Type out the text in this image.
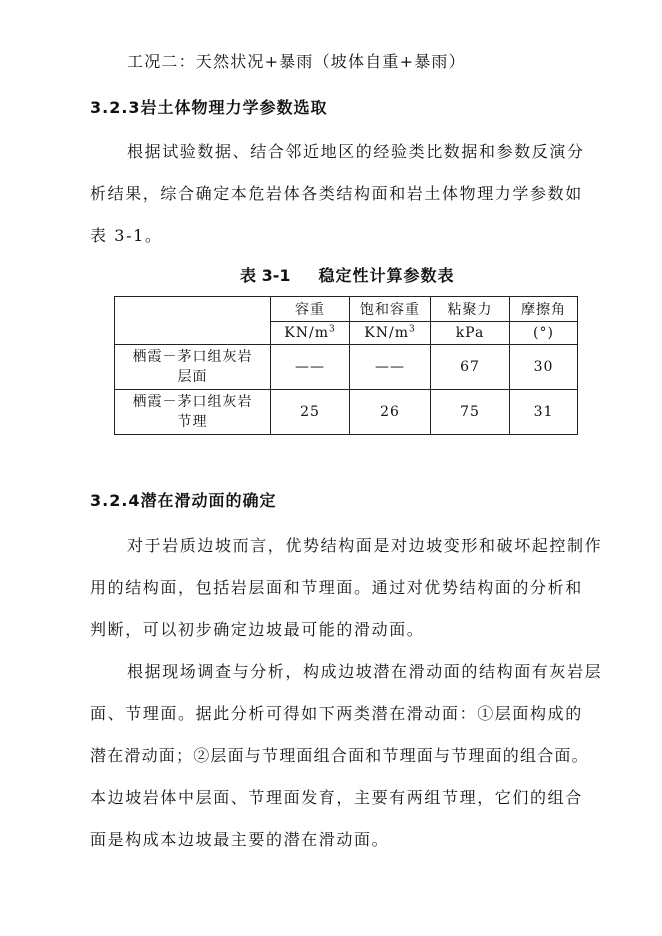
工况二：天然状况+暴雨（坡体自重+暴雨）
3.2.3岩土体物理力学参数选取
根据试验数据、结合邻近地区的经验类比数据和参数反演分
析结果，综合确定本危岩体各类结构面和岩土体物理力学参数如
表 3-1。
表 3-1 稳定性计算参数表
	容重	饱和容重	粘聚力	摩擦角
	$KN/m^3$	$KN/m^3$	kPa	(°)

栖霞－茅口组灰岩
层面	——	——	67	30

栖霞－茅口组灰岩
节理	25	26	75	31
3.2.4潜在滑动面的确定
对于岩质边坡而言，优势结构面是对边坡变形和破坏起控制作
用的结构面，包括岩层面和节理面。通过对优势结构面的分析和
判断，可以初步确定边坡最可能的滑动面。
根据现场调查与分析，构成边坡潜在滑动面的结构面有灰岩层
面、节理面。据此分析可得如下两类潜在滑动面：①层面构成的
潜在滑动面；②层面与节理面组合面和节理面与节理面的组合面。
本边坡岩体中层面、节理面发育，主要有两组节理，它们的组合
面是构成本边坡最主要的潜在滑动面。
